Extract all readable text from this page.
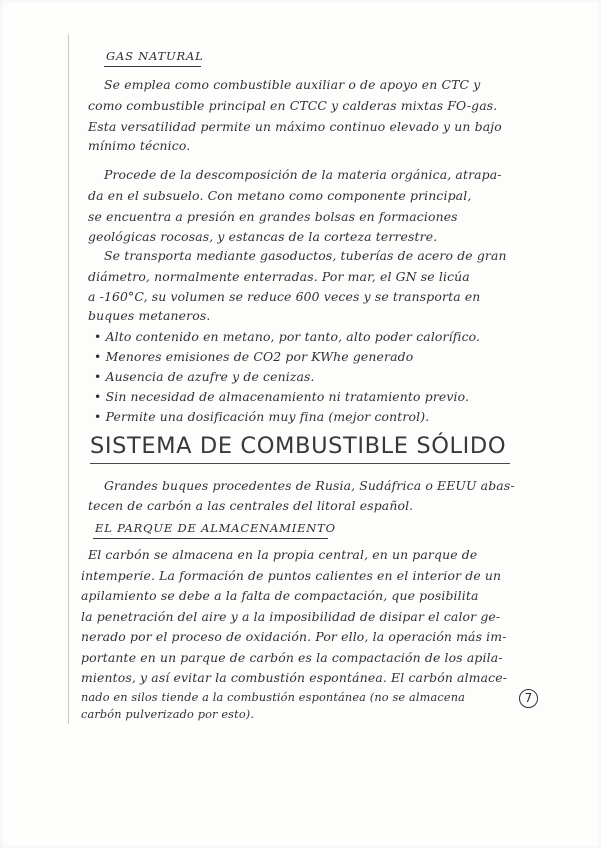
GAS NATURAL
Se emplea como combustible auxiliar o de apoyo en CTC y
como combustible principal en CTCC y calderas mixtas FO-gas.
Esta versatilidad permite un máximo continuo elevado y un bajo
mínimo técnico.
Procede de la descomposición de la materia orgánica, atrapa-
da en el subsuelo. Con metano como componente principal,
se encuentra a presión en grandes bolsas en formaciones
geológicas rocosas, y estancas de la corteza terrestre.
Se transporta mediante gasoductos, tuberías de acero de gran
diámetro, normalmente enterradas. Por mar, el GN se licúa
a -160°C, su volumen se reduce 600 veces y se transporta en
buques metaneros.
• Alto contenido en metano, por tanto, alto poder calorífico.
• Menores emisiones de CO2 por KWhe generado
• Ausencia de azufre y de cenizas.
• Sin necesidad de almacenamiento ni tratamiento previo.
• Permite una dosificación muy fina (mejor control).
SISTEMA DE COMBUSTIBLE SÓLIDO
Grandes buques procedentes de Rusia, Sudáfrica o EEUU abas-
tecen de carbón a las centrales del litoral español.
EL PARQUE DE ALMACENAMIENTO
El carbón se almacena en la propia central, en un parque de
intemperie. La formación de puntos calientes en el interior de un
apilamiento se debe a la falta de compactación, que posibilita
la penetración del aire y a la imposibilidad de disipar el calor ge-
nerado por el proceso de oxidación. Por ello, la operación más im-
portante en un parque de carbón es la compactación de los apila-
mientos, y así evitar la combustión espontánea. El carbón almace-
nado en silos tiende a la combustión espontánea (no se almacena
carbón pulverizado por esto).
7
